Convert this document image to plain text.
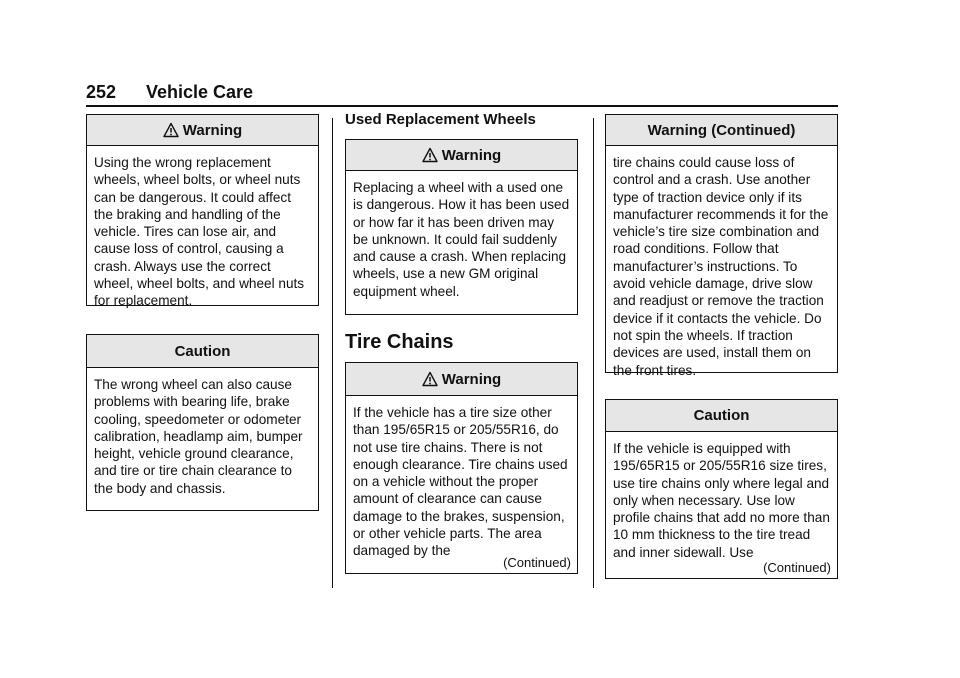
252 Vehicle Care
Warning
Using the wrong replacement wheels, wheel bolts, or wheel nuts can be dangerous. It could affect the braking and handling of the vehicle. Tires can lose air, and cause loss of control, causing a crash. Always use the correct wheel, wheel bolts, and wheel nuts for replacement.
Caution
The wrong wheel can also cause problems with bearing life, brake cooling, speedometer or odometer calibration, headlamp aim, bumper height, vehicle ground clearance, and tire or tire chain clearance to the body and chassis.
Used Replacement Wheels
Warning
Replacing a wheel with a used one is dangerous. How it has been used or how far it has been driven may be unknown. It could fail suddenly and cause a crash. When replacing wheels, use a new GM original equipment wheel.
Tire Chains
Warning
If the vehicle has a tire size other than 195/65R15 or 205/55R16, do not use tire chains. There is not enough clearance. Tire chains used on a vehicle without the proper amount of clearance can cause damage to the brakes, suspension, or other vehicle parts. The area damaged by the
(Continued)
Warning (Continued)
tire chains could cause loss of control and a crash. Use another type of traction device only if its manufacturer recommends it for the vehicle’s tire size combination and road conditions. Follow that manufacturer’s instructions. To avoid vehicle damage, drive slow and readjust or remove the traction device if it contacts the vehicle. Do not spin the wheels. If traction devices are used, install them on the front tires.
Caution
If the vehicle is equipped with 195/65R15 or 205/55R16 size tires, use tire chains only where legal and only when necessary. Use low profile chains that add no more than 10 mm thickness to the tire tread and inner sidewall. Use
(Continued)
